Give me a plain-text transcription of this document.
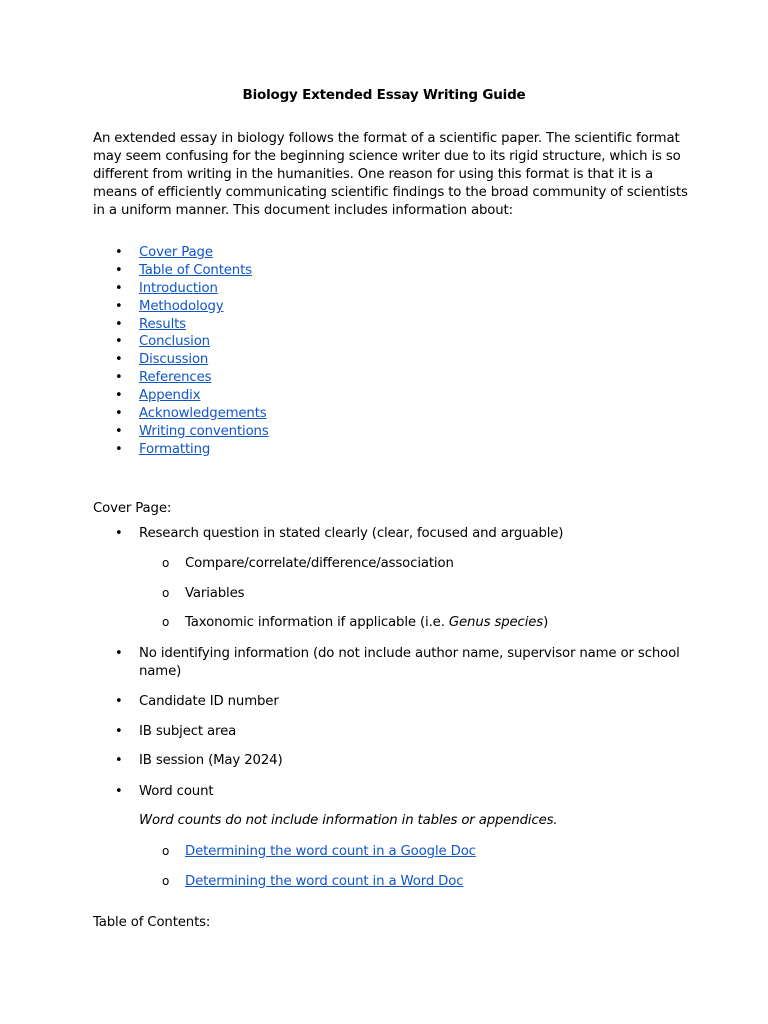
Biology Extended Essay Writing Guide
An extended essay in biology follows the format of a scientific paper. The scientific format
may seem confusing for the beginning science writer due to its rigid structure, which is so
different from writing in the humanities. One reason for using this format is that it is a
means of efficiently communicating scientific findings to the broad community of scientists
in a uniform manner. This document includes information about:
• Cover Page
• Table of Contents
• Introduction
• Methodology
• Results
• Conclusion
• Discussion
• References
• Appendix
• Acknowledgements
• Writing conventions
• Formatting
Cover Page:
• Research question in stated clearly (clear, focused and arguable)
o Compare/correlate/difference/association
o Variables
o Taxonomic information if applicable (i.e. Genus species)
• No identifying information (do not include author name, supervisor name or school
name)
• Candidate ID number
• IB subject area
• IB session (May 2024)
• Word count
Word counts do not include information in tables or appendices.
o Determining the word count in a Google Doc
o Determining the word count in a Word Doc
Table of Contents:
